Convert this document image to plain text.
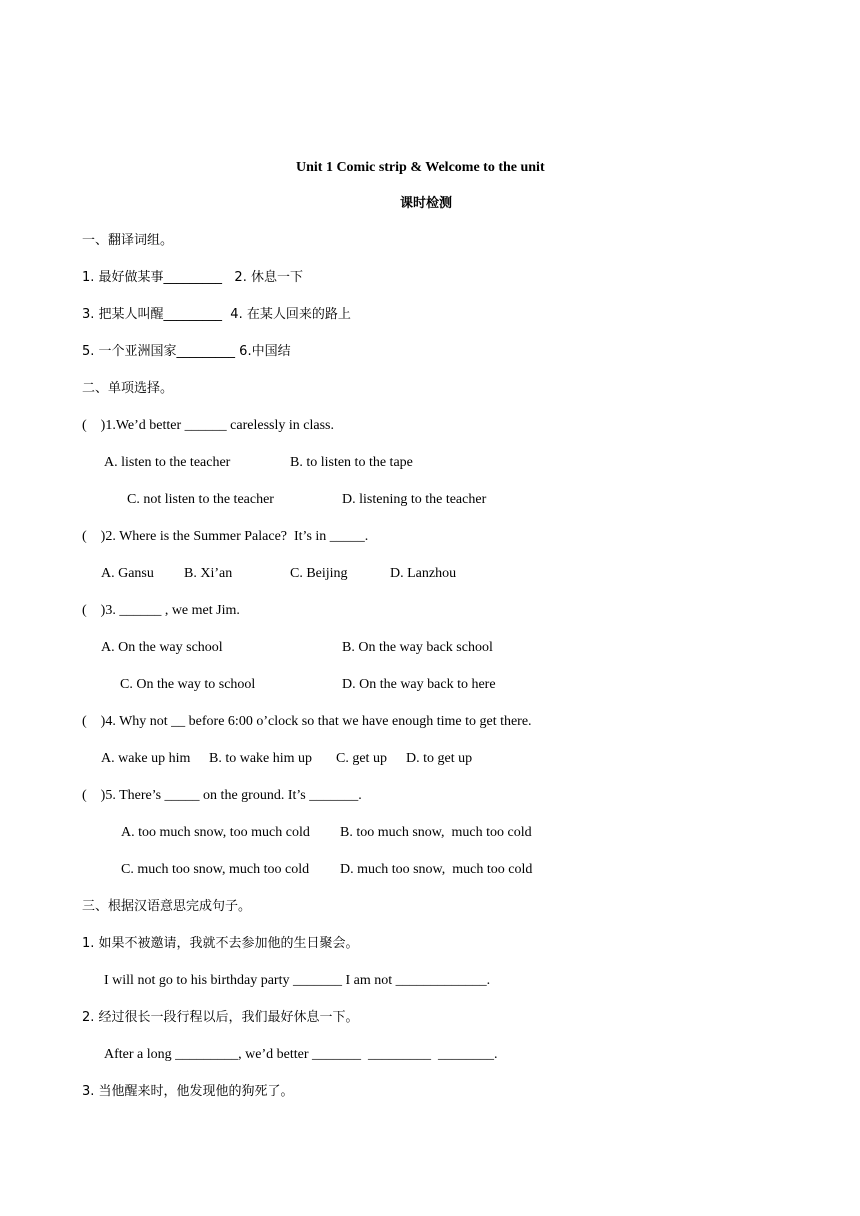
Unit 1 Comic strip & Welcome to the unit
课时检测
一、翻译词组。
1. 最好做某事_________   2. 休息一下
3. 把某人叫醒_________  4. 在某人回来的路上
5. 一个亚洲国家_________ 6.中国结
二、单项选择。
(    )1.We’d better ______ carelessly in class.
A. listen to the teacher	B. to listen to the tape
C. not listen to the teacher	D. listening to the teacher
(    )2. Where is the Summer Palace?  It’s in _____.
A. Gansu B. Xi’an	C. Beijing	D. Lanzhou
(    )3. ______ , we met Jim.
A. On the way school	B. On the way back school
C. On the way to school	D. On the way back to here
(    )4. Why not __ before 6:00 o’clock so that we have enough time to get there.
A. wake up him B. to wake him up C. get up D. to get up
(    )5. There’s _____ on the ground. It’s _______.
A. too much snow, too much cold B. too much snow,  much too cold
C. much too snow, much too cold D. much too snow,  much too cold
三、根据汉语意思完成句子。
1. 如果不被邀请，我就不去参加他的生日聚会。
I will not go to his birthday party _______ I am not _____________.
2. 经过很长一段行程以后，我们最好休息一下。
After a long _________, we’d better _______  _________  ________.
3. 当他醒来时，他发现他的狗死了。
